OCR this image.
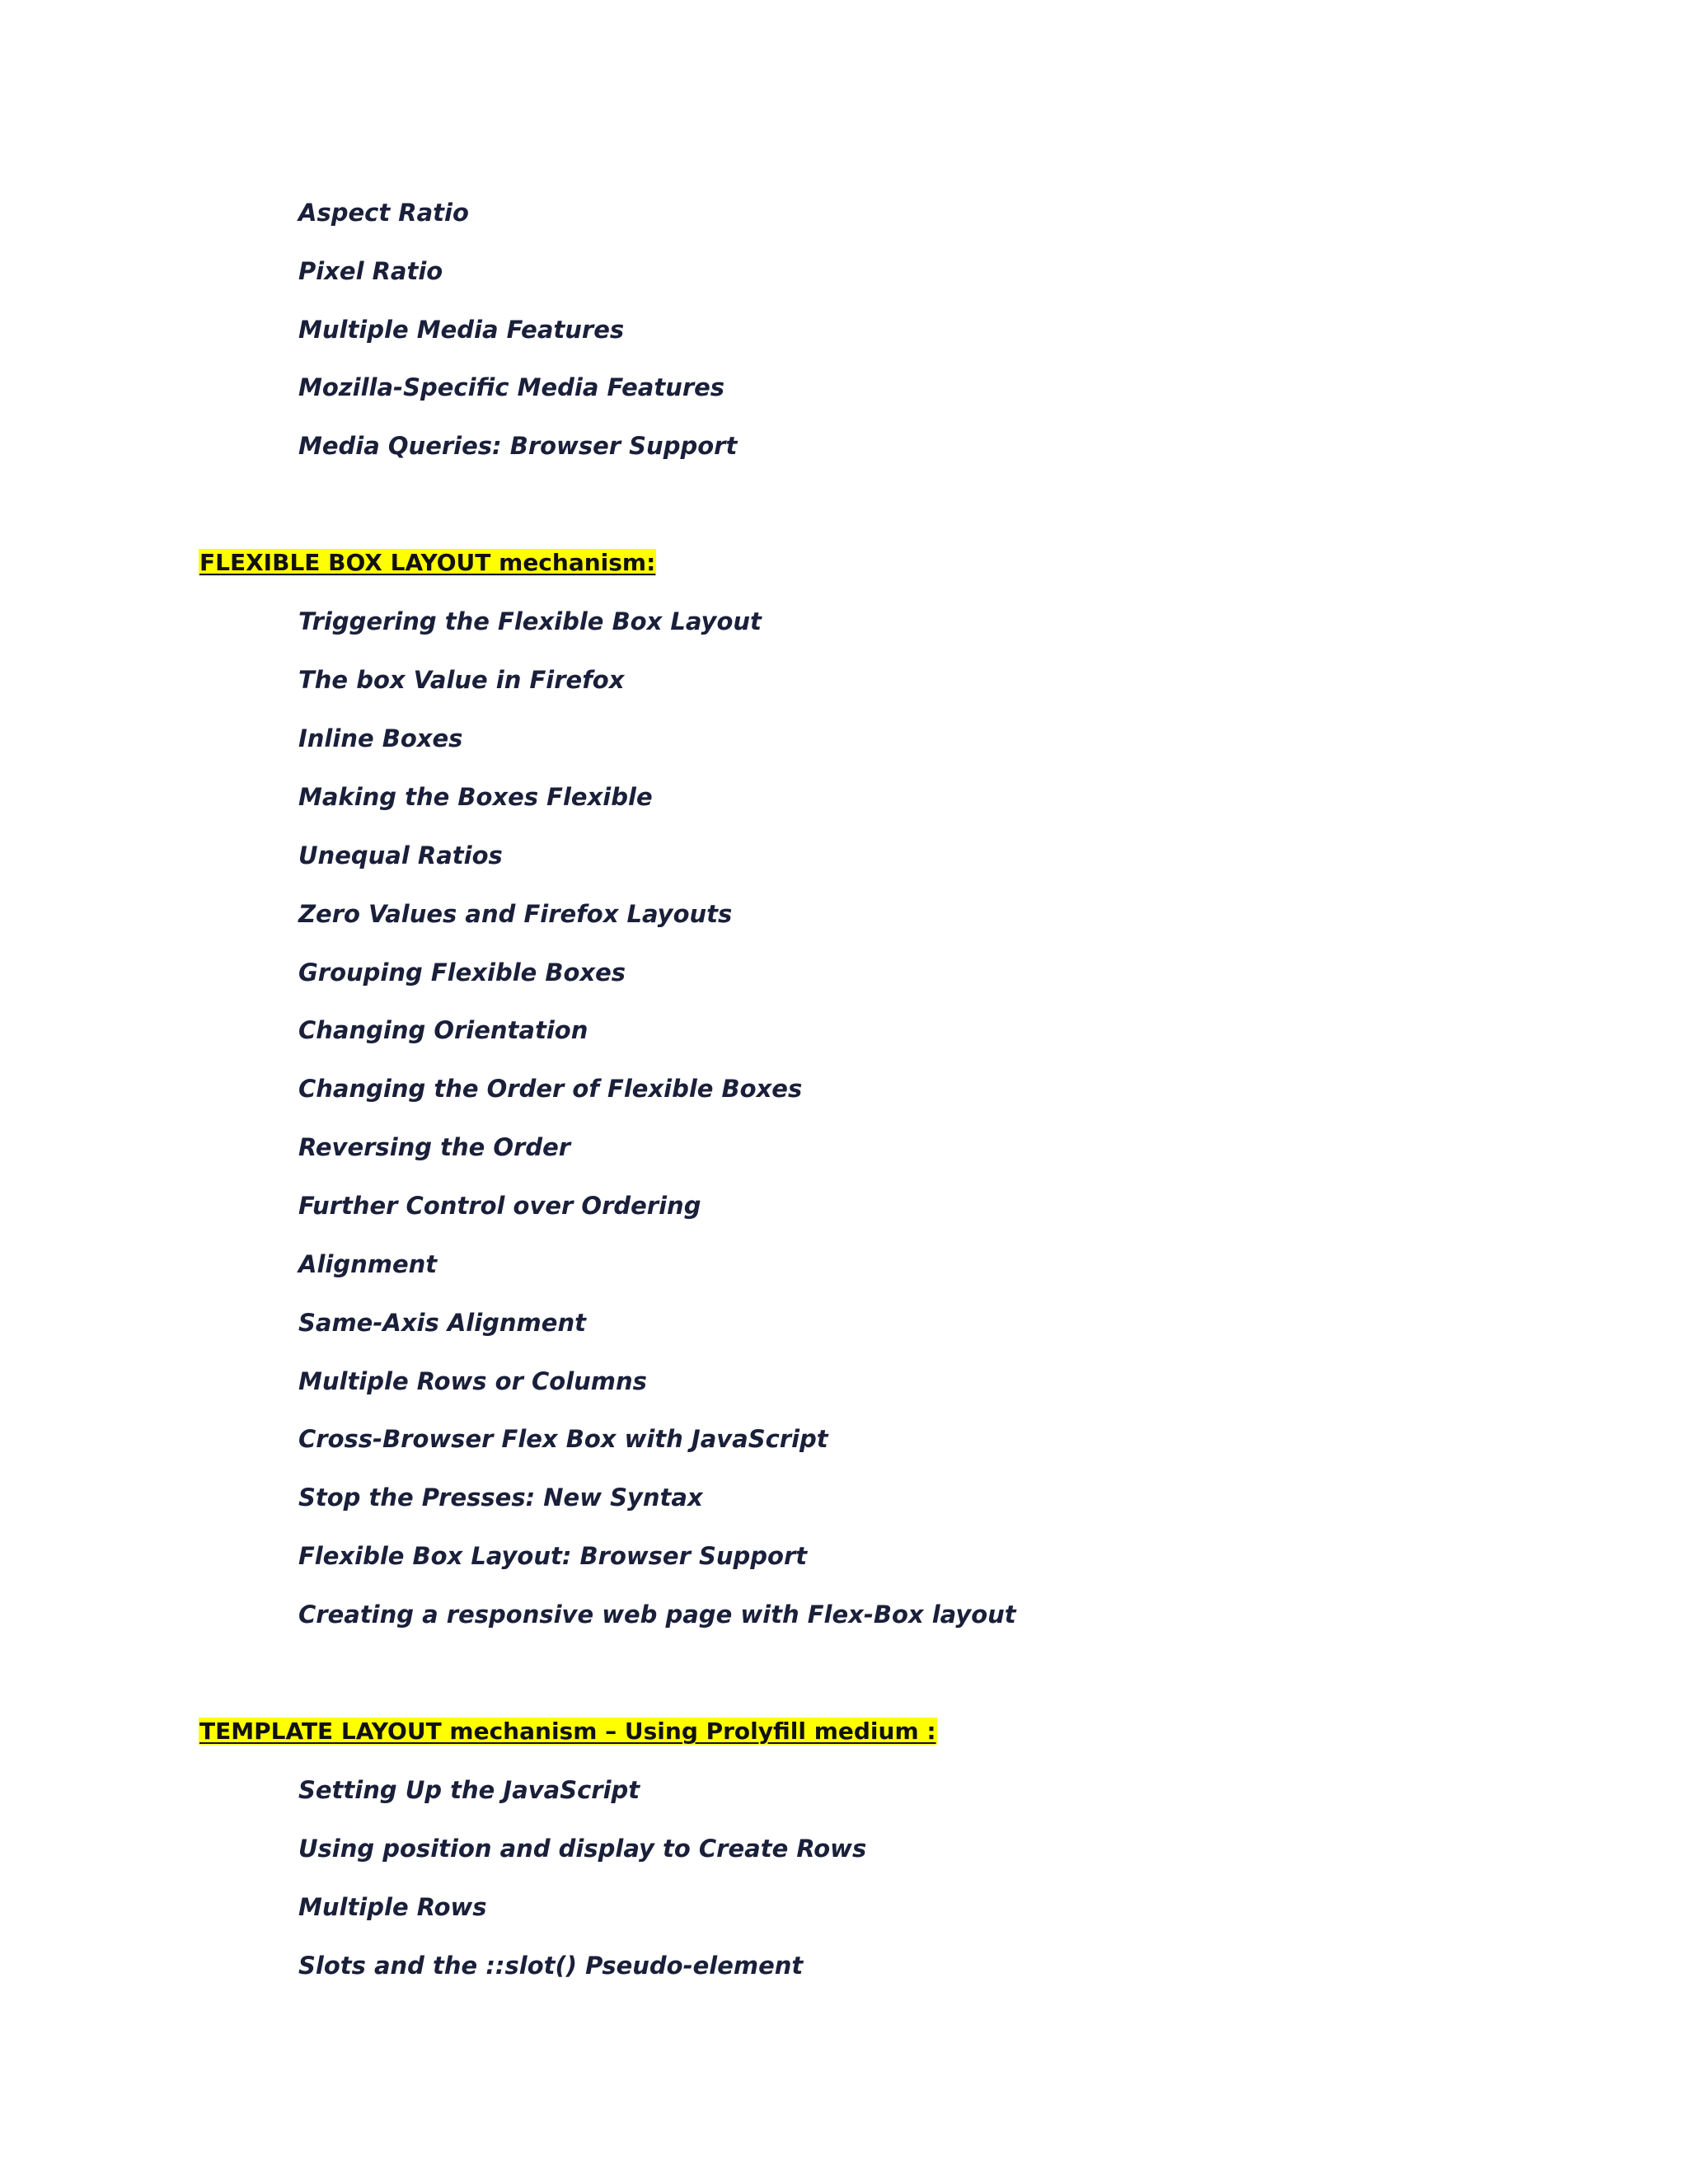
Aspect Ratio
Pixel Ratio
Multiple Media Features
Mozilla-Specific Media Features
Media Queries: Browser Support
FLEXIBLE BOX LAYOUT mechanism:
Triggering the Flexible Box Layout
The box Value in Firefox
Inline Boxes
Making the Boxes Flexible
Unequal Ratios
Zero Values and Firefox Layouts
Grouping Flexible Boxes
Changing Orientation
Changing the Order of Flexible Boxes
Reversing the Order
Further Control over Ordering
Alignment
Same-Axis Alignment
Multiple Rows or Columns
Cross-Browser Flex Box with JavaScript
Stop the Presses: New Syntax
Flexible Box Layout: Browser Support
Creating a responsive web page with Flex-Box layout
TEMPLATE LAYOUT mechanism – Using Prolyfill medium :
Setting Up the JavaScript
Using position and display to Create Rows
Multiple Rows
Slots and the ::slot() Pseudo-element
